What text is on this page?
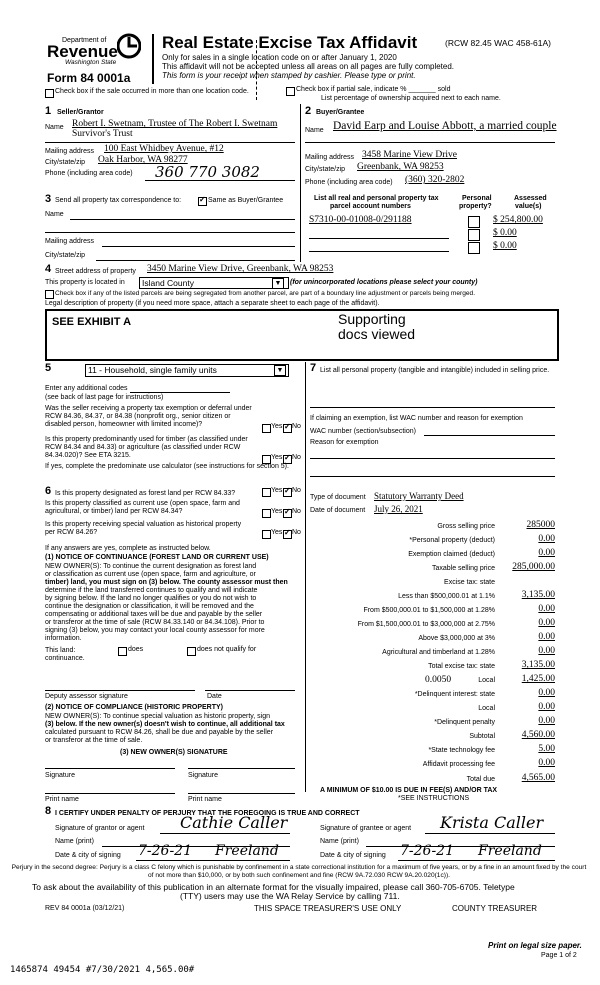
Department of
Revenue
Washington State
Form 84 0001a
Real Estate Excise Tax Affidavit	(RCW 82.45 WAC 458-61A)
Only for sales in a single location code on or after January 1, 2020
This affidavit will not be accepted unless all areas on all pages are fully completed.
This form is your receipt when stamped by cashier. Please type or print.
Check box if the sale occurred in more than one location code.	Check box if partial sale, indicate % _______ sold
List percentage of ownership acquired next to each name.
1 Seller/Grantor
Name Robert I. Swetnam, Trustee of The Robert I. Swetnam
Survivor's Trust
Mailing address 100 East Whidbey Avenue, #12
City/state/zip Oak Harbor, WA 98277
Phone (including area code) 360 770 3082
2 Buyer/Grantee
Name David Earp and Louise Abbott, a married couple
Mailing address 3458 Marine View Drive
City/state/zip Greenbank, WA 98253
Phone (including area code) (360) 320-2802
3 Send all property tax correspondence to: ✓	Same as Buyer/Grantee
Name
Mailing address
City/state/zip
List all real and personal property tax
parcel account numbers
Personal
property?
Assessed
value(s)
S7310-00-01008-0/291188	$ 254,800.00
$ 0.00
$ 0.00
4 Street address of property 3450 Marine View Drive, Greenbank, WA 98253
This property is located in	Island County	▼	(for unincorporated locations please select your county)
Check box if any of the listed parcels are being segregated from another parcel, are part of a boundary line adjustment or parcels being merged.
Legal description of property (if you need more space, attach a separate sheet to each page of the affidavit).
SEE EXHIBIT A	Supporting
docs viewed
5	11 - Household, single family units	▼
Enter any additional codes
(see back of last page for instructions)
Was the seller receiving a property tax exemption or deferral under RCW 84.36, 84.37, or 84.38 (nonprofit org., senior citizen or disabled person, homeowner with limited income)?	Yes ✓ No
Is this property predominantly used for timber (as classified under RCW 84.34 and 84.33) or agriculture (as classified under RCW 84.34.020)? See ETA 3215.	Yes ✓ No
If yes, complete the predominate use calculator (see instructions for section 5).
6 Is this property designated as forest land per RCW 84.33?	Yes ✓ No
Is this property classified as current use (open space, farm and agricultural, or timber) land per RCW 84.34?	Yes ✓ No
Is this property receiving special valuation as historical property per RCW 84.26?	Yes ✓ No
If any answers are yes, complete as instructed below.
(1) NOTICE OF CONTINUANCE (FOREST LAND OR CURRENT USE)
NEW OWNER(S): To continue the current designation as forest land
or classification as current use (open space, farm and agriculture, or
timber) land, you must sign on (3) below. The county assessor must then
determine if the land transferred continues to qualify and will indicate
by signing below. If the land no longer qualifies or you do not wish to
continue the designation or classification, it will be removed and the
compensating or additional taxes will be due and payable by the seller
or transferor at the time of sale (RCW 84.33.140 or 84.34.108). Prior to
signing (3) below, you may contact your local county assessor for more
information.
This land:	does	does not qualify for
continuance.
Deputy assessor signature	Date
(2) NOTICE OF COMPLIANCE (HISTORIC PROPERTY)
NEW OWNER(S): To continue special valuation as historic property, sign
(3) below. If the new owner(s) doesn't wish to continue, all additional tax
calculated pursuant to RCW 84.26, shall be due and payable by the seller
or transferor at the time of sale.
(3) NEW OWNER(S) SIGNATURE
Signature	Signature
Print name	Print name
7 List all personal property (tangible and intangible) included in selling price.
If claiming an exemption, list WAC number and reason for exemption
WAC number (section/subsection)
Reason for exemption
Type of document Statutory Warranty Deed
Date of document July 26, 2021
Gross selling price	285000
*Personal property (deduct)	0.00
Exemption claimed (deduct)	0.00
Taxable selling price	285,000.00
Excise tax: state
Less than $500,000.01 at 1.1%	3,135.00
From $500,000.01 to $1,500,000 at 1.28%	0.00
From $1,500,000.01 to $3,000,000 at 2.75%	0.00
Above $3,000,000 at 3%	0.00
Agricultural and timberland at 1.28%	0.00
Total excise tax: state	3,135.00
0.0050	Local	1,425.00
*Delinquent interest: state	0.00
Local	0.00
*Delinquent penalty	0.00
Subtotal	4,560.00
*State technology fee	5.00
Affidavit processing fee	0.00
Total due	4,565.00
A MINIMUM OF $10.00 IS DUE IN FEE(S) AND/OR TAX
*SEE INSTRUCTIONS
8 I CERTIFY UNDER PENALTY OF PERJURY THAT THE FOREGOING IS TRUE AND CORRECT
Signature of grantor or agent Cathie Caller
Name (print)
Date & city of signing 7-26-21 Freeland
Signature of grantee or agent Krista Caller
Name (print)
Date & city of signing 7-26-21 Freeland
Perjury in the second degree: Perjury is a class C felony which is punishable by confinement in a state correctional institution for a maximum of five years, or by a fine in an amount fixed by the court of not more than $10,000, or by both such confinement and fine (RCW 9A.72.030 RCW 9A.20.020(1c)).
To ask about the availability of this publication in an alternate format for the visually impaired, please call 360-705-6705. Teletype
(TTY) users may use the WA Relay Service by calling 711.
REV 84 0001a (03/12/21)	THIS SPACE TREASURER'S USE ONLY	COUNTY TREASURER
1465874 49454 #7/30/2021 4,565.00#
Print on legal size paper.
Page 1 of 2
